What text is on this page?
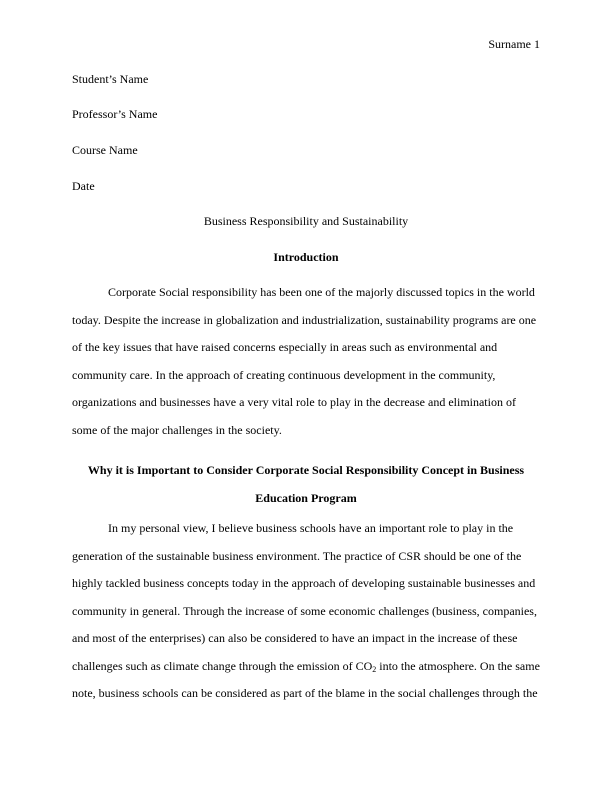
Surname 1
Student’s Name
Professor’s Name
Course Name
Date
Business Responsibility and Sustainability
Introduction

Corporate Social responsibility has been one of the majorly discussed topics in the world today. Despite the increase in globalization and industrialization, sustainability programs are one of the key issues that have raised concerns especially in areas such as environmental and community care. In the approach of creating continuous development in the community, organizations and businesses have a very vital role to play in the decrease and elimination of some of the major challenges in the society.

Why it is Important to Consider Corporate Social Responsibility Concept in Business Education Program

In my personal view, I believe business schools have an important role to play in the generation of the sustainable business environment. The practice of CSR should be one of the highly tackled business concepts today in the approach of developing sustainable businesses and community in general. Through the increase of some economic challenges (business, companies, and most of the enterprises) can also be considered to have an impact in the increase of these challenges such as climate change through the emission of $CO_2$ into the atmosphere. On the same note, business schools can be considered as part of the blame in the social challenges through the
